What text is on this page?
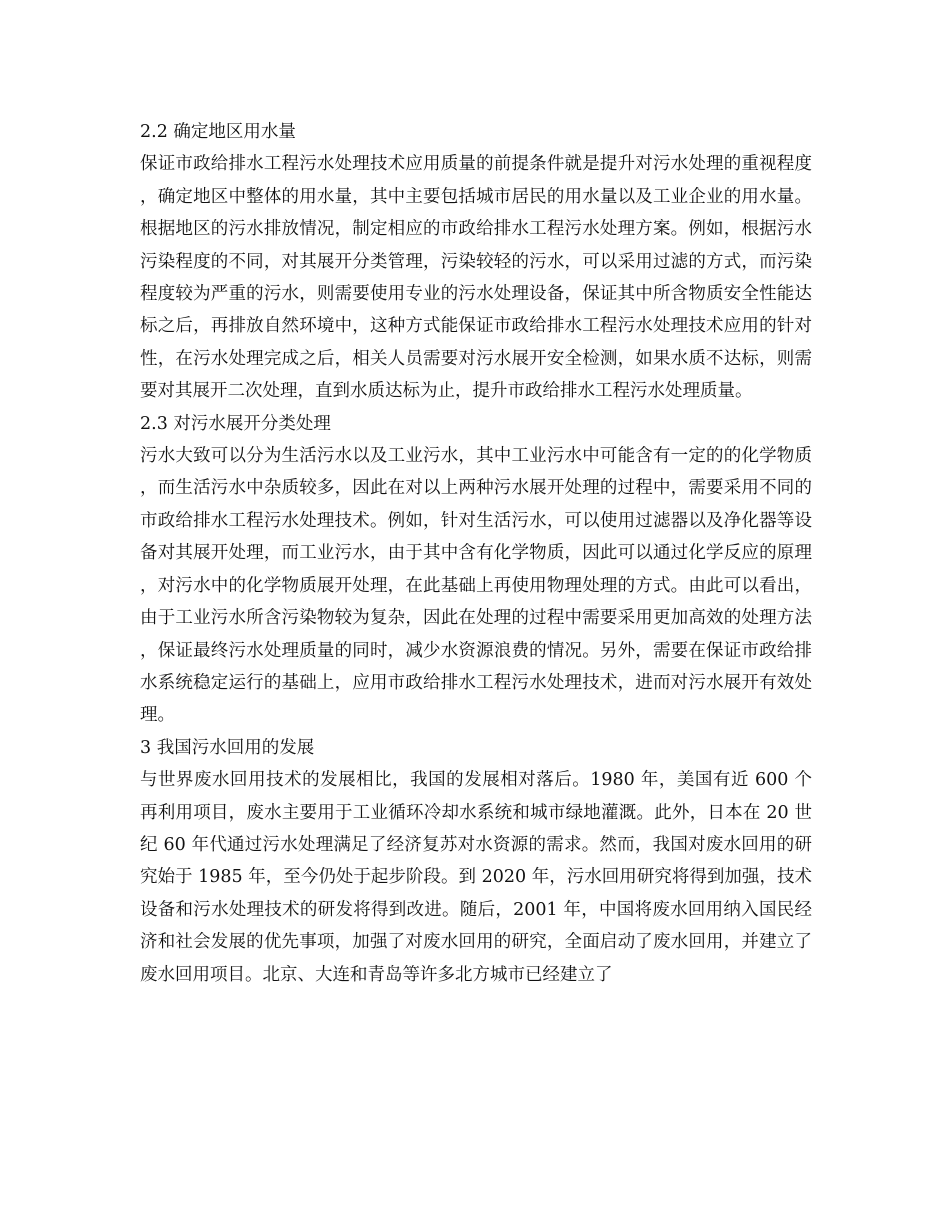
2.2 确定地区用水量
保证市政给排水工程污水处理技术应用质量的前提条件就是提升对污水处理的重视程度，确定地区中整体的用水量，其中主要包括城市居民的用水量以及工业企业的用水量。根据地区的污水排放情况，制定相应的市政给排水工程污水处理方案。例如，根据污水污染程度的不同，对其展开分类管理，污染较轻的污水，可以采用过滤的方式，而污染程度较为严重的污水，则需要使用专业的污水处理设备，保证其中所含物质安全性能达标之后，再排放自然环境中，这种方式能保证市政给排水工程污水处理技术应用的针对性，在污水处理完成之后，相关人员需要对污水展开安全检测，如果水质不达标，则需要对其展开二次处理，直到水质达标为止，提升市政给排水工程污水处理质量。
2.3 对污水展开分类处理
污水大致可以分为生活污水以及工业污水，其中工业污水中可能含有一定的的化学物质，而生活污水中杂质较多，因此在对以上两种污水展开处理的过程中，需要采用不同的市政给排水工程污水处理技术。例如，针对生活污水，可以使用过滤器以及净化器等设备对其展开处理，而工业污水，由于其中含有化学物质，因此可以通过化学反应的原理，对污水中的化学物质展开处理，在此基础上再使用物理处理的方式。由此可以看出，由于工业污水所含污染物较为复杂，因此在处理的过程中需要采用更加高效的处理方法，保证最终污水处理质量的同时，减少水资源浪费的情况。另外，需要在保证市政给排水系统稳定运行的基础上，应用市政给排水工程污水处理技术，进而对污水展开有效处理。
3 我国污水回用的发展
与世界废水回用技术的发展相比，我国的发展相对落后。1980 年，美国有近 600 个再利用项目，废水主要用于工业循环冷却水系统和城市绿地灌溉。此外，日本在 20 世纪 60 年代通过污水处理满足了经济复苏对水资源的需求。然而，我国对废水回用的研究始于 1985 年，至今仍处于起步阶段。到 2020 年，污水回用研究将得到加强，技术设备和污水处理技术的研发将得到改进。随后，2001 年，中国将废水回用纳入国民经济和社会发展的优先事项，加强了对废水回用的研究，全面启动了废水回用，并建立了废水回用项目。北京、大连和青岛等许多北方城市已经建立了
